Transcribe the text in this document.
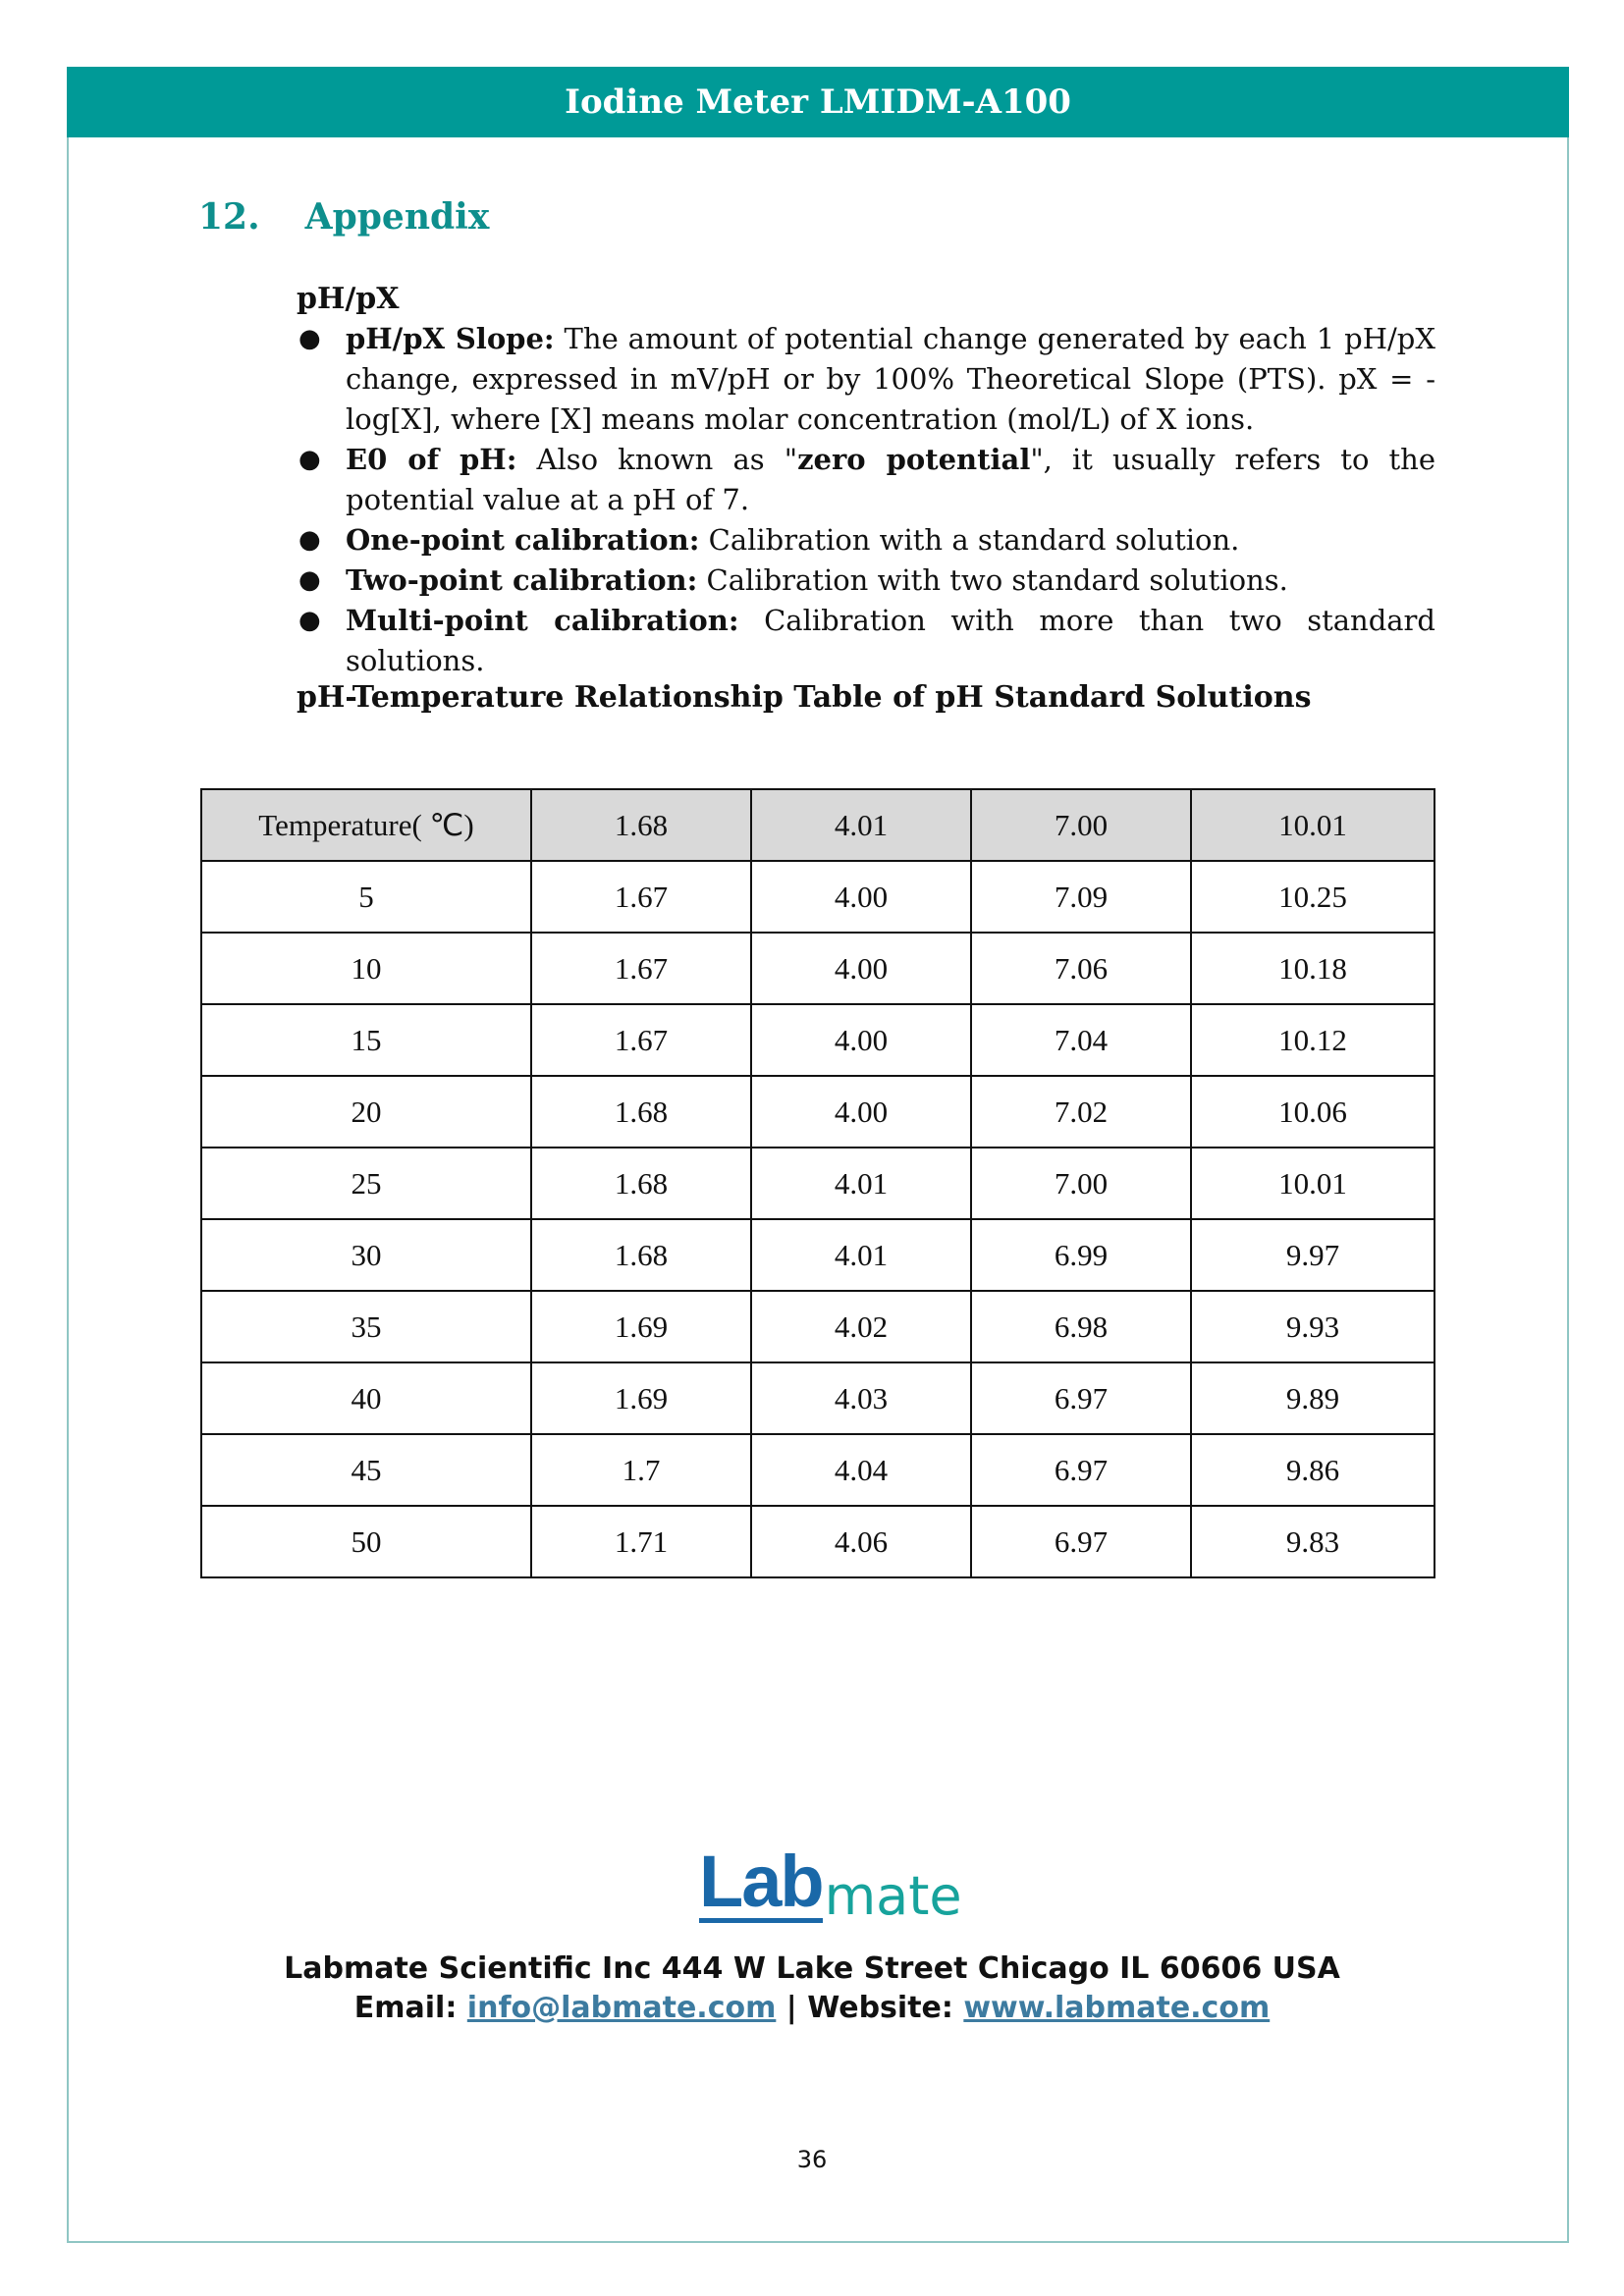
Iodine Meter LMIDM-A100
12. Appendix
pH/pX
● pH/pX Slope: The amount of potential change generated by each 1 pH/pX change, expressed in mV/pH or by 100% Theoretical Slope (PTS). pX = - log[X], where [X] means molar concentration (mol/L) of X ions.
● E0 of pH: Also known as "zero potential", it usually refers to the potential value at a pH of 7.
● One-point calibration: Calibration with a standard solution.
● Two-point calibration: Calibration with two standard solutions.
● Multi-point calibration: Calibration with more than two standard solutions.
pH-Temperature Relationship Table of pH Standard Solutions
Temperature( ℃)	1.68	4.01	7.00	10.01
5	1.67	4.00	7.09	10.25
10	1.67	4.00	7.06	10.18
15	1.67	4.00	7.04	10.12
20	1.68	4.00	7.02	10.06
25	1.68	4.01	7.00	10.01
30	1.68	4.01	6.99	9.97
35	1.69	4.02	6.98	9.93
40	1.69	4.03	6.97	9.89
45	1.7	4.04	6.97	9.86
50	1.71	4.06	6.97	9.83
Lab mate
Labmate Scientific Inc 444 W Lake Street Chicago IL 60606 USA
Email: info@labmate.com | Website: www.labmate.com
36
